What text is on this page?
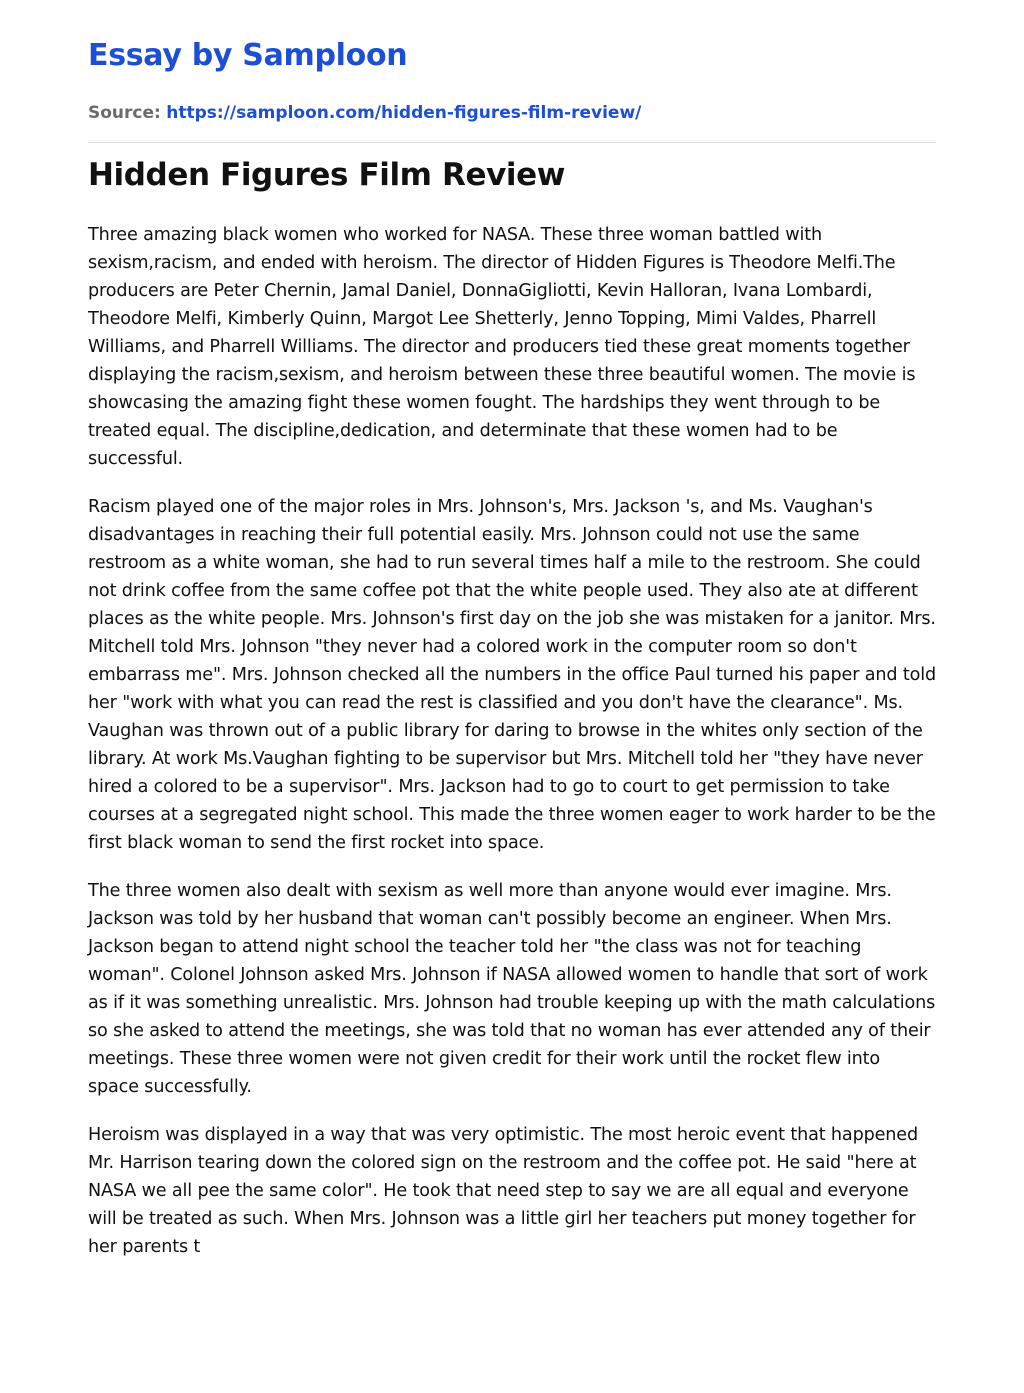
Essay by Samploon
Source: https://samploon.com/hidden-figures-film-review/
Hidden Figures Film Review

Three amazing black women who worked for NASA. These three woman battled with sexism,racism, and ended with heroism. The director of Hidden Figures is Theodore Melfi.The producers are Peter Chernin, Jamal Daniel, DonnaGigliotti, Kevin Halloran, Ivana Lombardi, Theodore Melfi, Kimberly Quinn, Margot Lee Shetterly, Jenno Topping, Mimi Valdes, Pharrell Williams, and Pharrell Williams. The director and producers tied these great moments together displaying the racism,sexism, and heroism between these three beautiful women. The movie is showcasing the amazing fight these women fought. The hardships they went through to be treated equal. The discipline,dedication, and determinate that these women had to be successful.

Racism played one of the major roles in Mrs. Johnson's, Mrs. Jackson 's, and Ms. Vaughan's disadvantages in reaching their full potential easily. Mrs. Johnson could not use the same restroom as a white woman, she had to run several times half a mile to the restroom. She could not drink coffee from the same coffee pot that the white people used. They also ate at different places as the white people. Mrs. Johnson's first day on the job she was mistaken for a janitor. Mrs. Mitchell told Mrs. Johnson "they never had a colored work in the computer room so don't embarrass me". Mrs. Johnson checked all the numbers in the office Paul turned his paper and told her "work with what you can read the rest is classified and you don't have the clearance". Ms. Vaughan was thrown out of a public library for daring to browse in the whites only section of the library. At work Ms.Vaughan fighting to be supervisor but Mrs. Mitchell told her "they have never hired a colored to be a supervisor". Mrs. Jackson had to go to court to get permission to take courses at a segregated night school. This made the three women eager to work harder to be the first black woman to send the first rocket into space.

The three women also dealt with sexism as well more than anyone would ever imagine. Mrs. Jackson was told by her husband that woman can't possibly become an engineer. When Mrs. Jackson began to attend night school the teacher told her "the class was not for teaching woman". Colonel Johnson asked Mrs. Johnson if NASA allowed women to handle that sort of work as if it was something unrealistic. Mrs. Johnson had trouble keeping up with the math calculations so she asked to attend the meetings, she was told that no woman has ever attended any of their meetings. These three women were not given credit for their work until the rocket flew into space successfully.

Heroism was displayed in a way that was very optimistic. The most heroic event that happened Mr. Harrison tearing down the colored sign on the restroom and the coffee pot. He said "here at NASA we all pee the same color". He took that need step to say we are all equal and everyone will be treated as such. When Mrs. Johnson was a little girl her teachers put money together for her parents t
